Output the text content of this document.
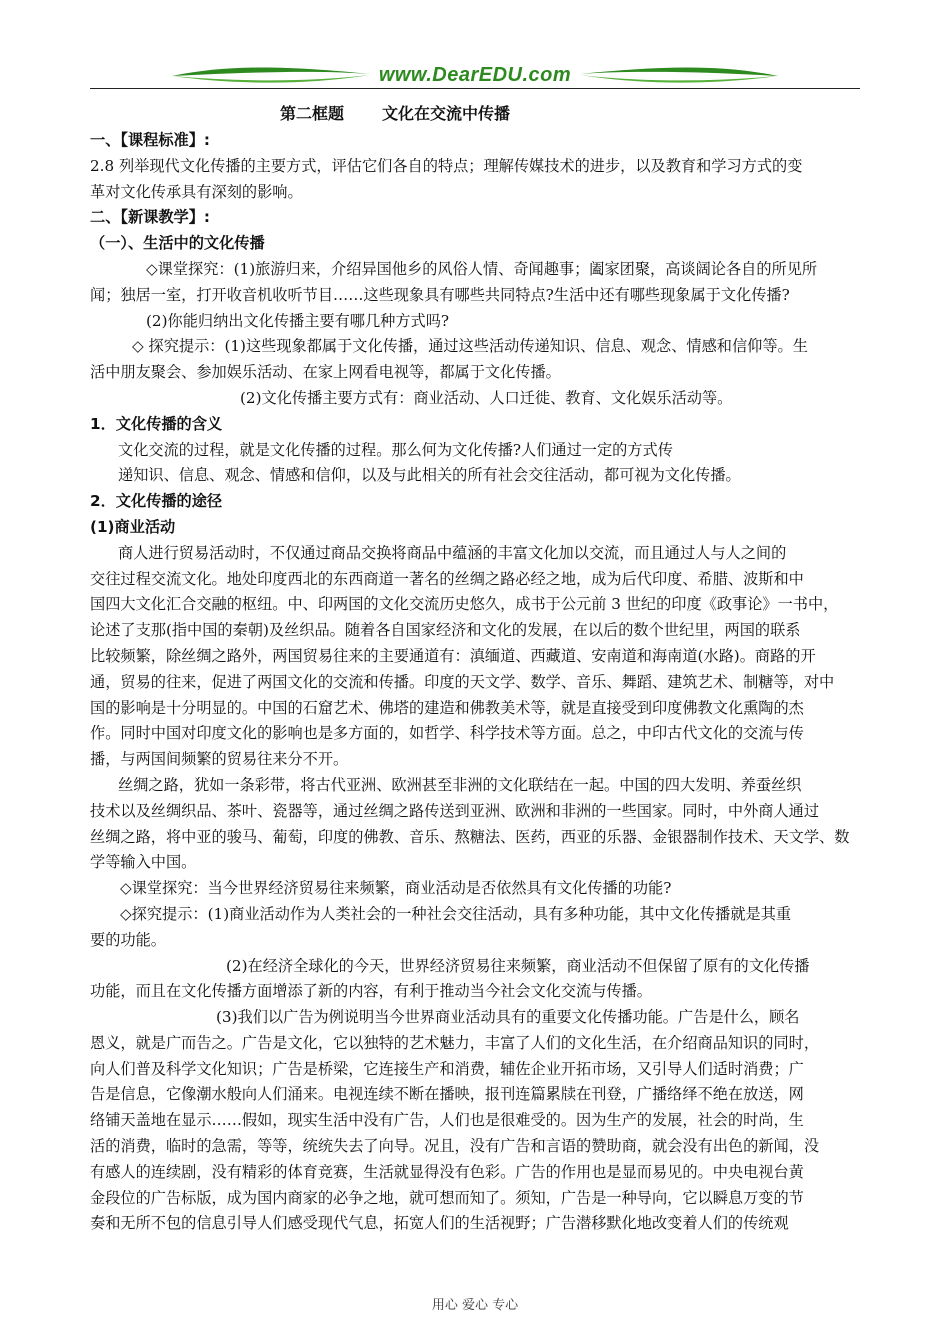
www.DearEDU.com
第二框题 文化在交流中传播
一、【课程标准】:
2.8 列举现代文化传播的主要方式，评估它们各自的特点；理解传媒技术的进步，以及教育和学习方式的变
革对文化传承具有深刻的影响。
二、【新课教学】:
（一）、生活中的文化传播
◇课堂探究：(1)旅游归来，介绍异国他乡的风俗人情、奇闻趣事；阖家团聚，高谈阔论各自的所见所
闻；独居一室，打开收音机收听节目……这些现象具有哪些共同特点?生活中还有哪些现象属于文化传播?
(2)你能归纳出文化传播主要有哪几种方式吗?
◇ 探究提示：(1)这些现象都属于文化传播，通过这些活动传递知识、信息、观念、情感和信仰等。生
活中朋友聚会、参加娱乐活动、在家上网看电视等，都属于文化传播。
(2)文化传播主要方式有：商业活动、人口迁徙、教育、文化娱乐活动等。
1．文化传播的含义
文化交流的过程，就是文化传播的过程。那么何为文化传播?人们通过一定的方式传
递知识、信息、观念、情感和信仰，以及与此相关的所有社会交往活动，都可视为文化传播。
2．文化传播的途径
(1)商业活动
商人进行贸易活动时，不仅通过商品交换将商品中蕴涵的丰富文化加以交流，而且通过人与人之间的
交往过程交流文化。地处印度西北的东西商道一著名的丝绸之路必经之地，成为后代印度、希腊、波斯和中
国四大文化汇合交融的枢纽。中、印两国的文化交流历史悠久，成书于公元前 3 世纪的印度《政事论》一书中，
论述了支那(指中国的秦朝)及丝织品。随着各自国家经济和文化的发展，在以后的数个世纪里，两国的联系
比较频繁，除丝绸之路外，两国贸易往来的主要通道有：滇缅道、西藏道、安南道和海南道(水路)。商路的开
通，贸易的往来，促进了两国文化的交流和传播。印度的天文学、数学、音乐、舞蹈、建筑艺术、制糖等，对中
国的影响是十分明显的。中国的石窟艺术、佛塔的建造和佛教美术等，就是直接受到印度佛教文化熏陶的杰
作。同时中国对印度文化的影响也是多方面的，如哲学、科学技术等方面。总之，中印古代文化的交流与传
播，与两国间频繁的贸易往来分不开。
丝绸之路，犹如一条彩带，将古代亚洲、欧洲甚至非洲的文化联结在一起。中国的四大发明、养蚕丝织
技术以及丝绸织品、茶叶、瓷器等，通过丝绸之路传送到亚洲、欧洲和非洲的一些国家。同时，中外商人通过
丝绸之路，将中亚的骏马、葡萄，印度的佛教、音乐、熬糖法、医药，西亚的乐器、金银器制作技术、天文学、数
学等输入中国。
◇课堂探究：当今世界经济贸易往来频繁，商业活动是否依然具有文化传播的功能?
◇探究提示：(1)商业活动作为人类社会的一种社会交往活动，具有多种功能，其中文化传播就是其重
要的功能。
(2)在经济全球化的今天，世界经济贸易往来频繁，商业活动不但保留了原有的文化传播
功能，而且在文化传播方面增添了新的内容，有利于推动当今社会文化交流与传播。
(3)我们以广告为例说明当今世界商业活动具有的重要文化传播功能。广告是什么，顾名
恩义，就是广而告之。广告是文化，它以独特的艺术魅力，丰富了人们的文化生活，在介绍商品知识的同时，
向人们普及科学文化知识；广告是桥梁，它连接生产和消费，辅佐企业开拓市场，又引导人们适时消费；广
告是信息，它像潮水般向人们涌来。电视连续不断在播映，报刊连篇累牍在刊登，广播络绎不绝在放送，网
络铺天盖地在显示……假如，现实生活中没有广告，人们也是很难受的。因为生产的发展，社会的时尚，生
活的消费，临时的急需，等等，统统失去了向导。况且，没有广告和言语的赞助商，就会没有出色的新闻，没
有感人的连续剧，没有精彩的体育竞赛，生活就显得没有色彩。广告的作用也是显而易见的。中央电视台黄
金段位的广告标版，成为国内商家的必争之地，就可想而知了。须知，广告是一种导向，它以瞬息万变的节
奏和无所不包的信息引导人们感受现代气息，拓宽人们的生活视野；广告潜移默化地改变着人们的传统观
用心 爱心 专心
